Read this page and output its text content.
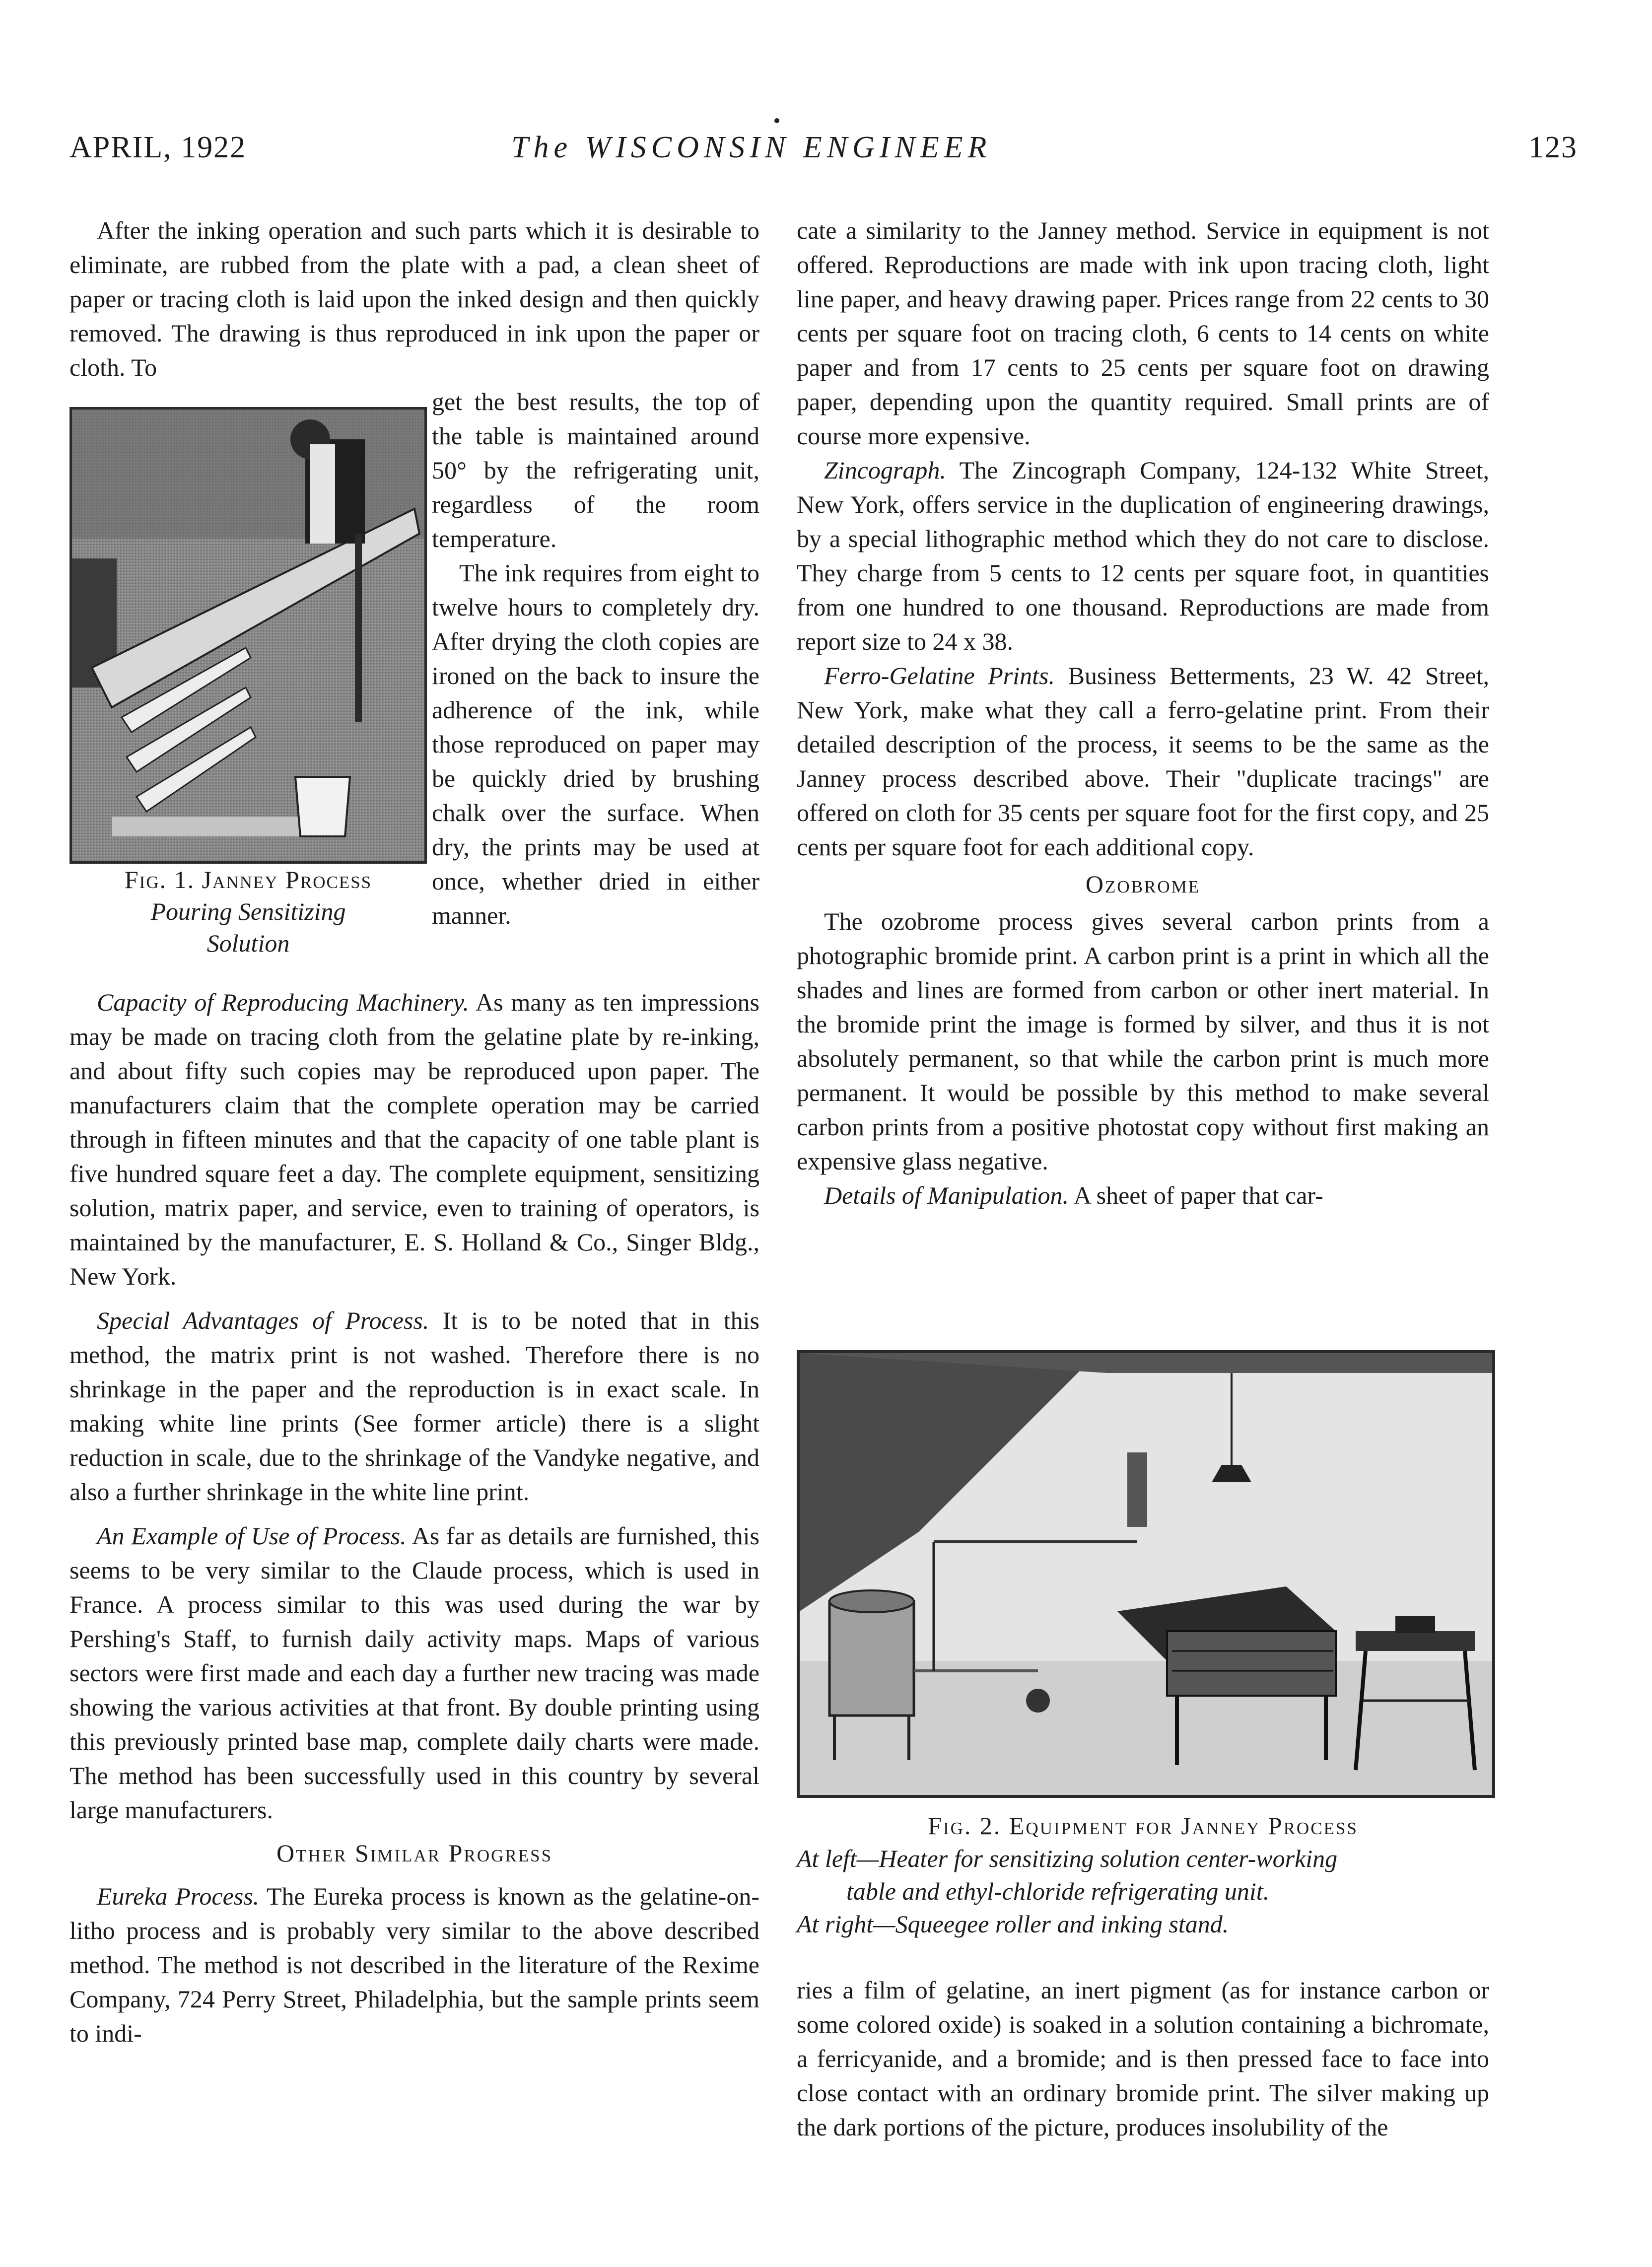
APRIL, 1922	The WISCONSIN ENGINEER	123

After the inking operation and such parts which it is desirable to eliminate, are rubbed from the plate with a pad, a clean sheet of paper or tracing cloth is laid upon the inked design and then quickly removed. The drawing is thus reproduced in ink upon the paper or cloth. To

Fig. 1. Janney Process
Pouring Sensitizing
Solution

get the best results, the top of the table is maintained around 50° by the refrigerating unit, regardless of the room temperature.

The ink requires from eight to twelve hours to completely dry. After drying the cloth copies are ironed on the back to insure the adherence of the ink, while those reproduced on paper may be quickly dried by brushing chalk over the surface. When dry, the prints may be used at once, whether dried in either manner.

Capacity of Reproducing Machinery. As many as ten impressions may be made on tracing cloth from the gelatine plate by re-inking, and about fifty such copies may be reproduced upon paper. The manufacturers claim that the complete operation may be carried through in fifteen minutes and that the capacity of one table plant is five hundred square feet a day. The complete equipment, sensitizing solution, matrix paper, and service, even to training of operators, is maintained by the manufacturer, E. S. Holland & Co., Singer Bldg., New York.

Special Advantages of Process. It is to be noted that in this method, the matrix print is not washed. Therefore there is no shrinkage in the paper and the reproduction is in exact scale. In making white line prints (See former article) there is a slight reduction in scale, due to the shrinkage of the Vandyke negative, and also a further shrinkage in the white line print.

An Example of Use of Process. As far as details are furnished, this seems to be very similar to the Claude process, which is used in France. A process similar to this was used during the war by Pershing's Staff, to furnish daily activity maps. Maps of various sectors were first made and each day a further new tracing was made showing the various activities at that front. By double printing using this previously printed base map, complete daily charts were made. The method has been successfully used in this country by several large manufacturers.

Other Similar Progress

Eureka Process. The Eureka process is known as the gelatine-on-litho process and is probably very similar to the above described method. The method is not described in the literature of the Rexime Company, 724 Perry Street, Philadelphia, but the sample prints seem to indi-

cate a similarity to the Janney method. Service in equipment is not offered. Reproductions are made with ink upon tracing cloth, light line paper, and heavy drawing paper. Prices range from 22 cents to 30 cents per square foot on tracing cloth, 6 cents to 14 cents on white paper and from 17 cents to 25 cents per square foot on drawing paper, depending upon the quantity required. Small prints are of course more expensive.

Zincograph. The Zincograph Company, 124-132 White Street, New York, offers service in the duplication of engineering drawings, by a special lithographic method which they do not care to disclose. They charge from 5 cents to 12 cents per square foot, in quantities from one hundred to one thousand. Reproductions are made from report size to 24 x 38.

Ferro-Gelatine Prints. Business Betterments, 23 W. 42 Street, New York, make what they call a ferro-gelatine print. From their detailed description of the process, it seems to be the same as the Janney process described above. Their "duplicate tracings" are offered on cloth for 35 cents per square foot for the first copy, and 25 cents per square foot for each additional copy.

Ozobrome

The ozobrome process gives several carbon prints from a photographic bromide print. A carbon print is a print in which all the shades and lines are formed from carbon or other inert material. In the bromide print the image is formed by silver, and thus it is not absolutely permanent, so that while the carbon print is much more permanent. It would be possible by this method to make several carbon prints from a positive photostat copy without first making an expensive glass negative.

Details of Manipulation. A sheet of paper that car-

Fig. 2. Equipment for Janney Process
At left—Heater for sensitizing solution center-working
table and ethyl-chloride refrigerating unit.
At right—Squeegee roller and inking stand.

ries a film of gelatine, an inert pigment (as for instance carbon or some colored oxide) is soaked in a solution containing a bichromate, a ferricyanide, and a bromide; and is then pressed face to face into close contact with an ordinary bromide print. The silver making up the dark portions of the picture, produces insolubility of the
